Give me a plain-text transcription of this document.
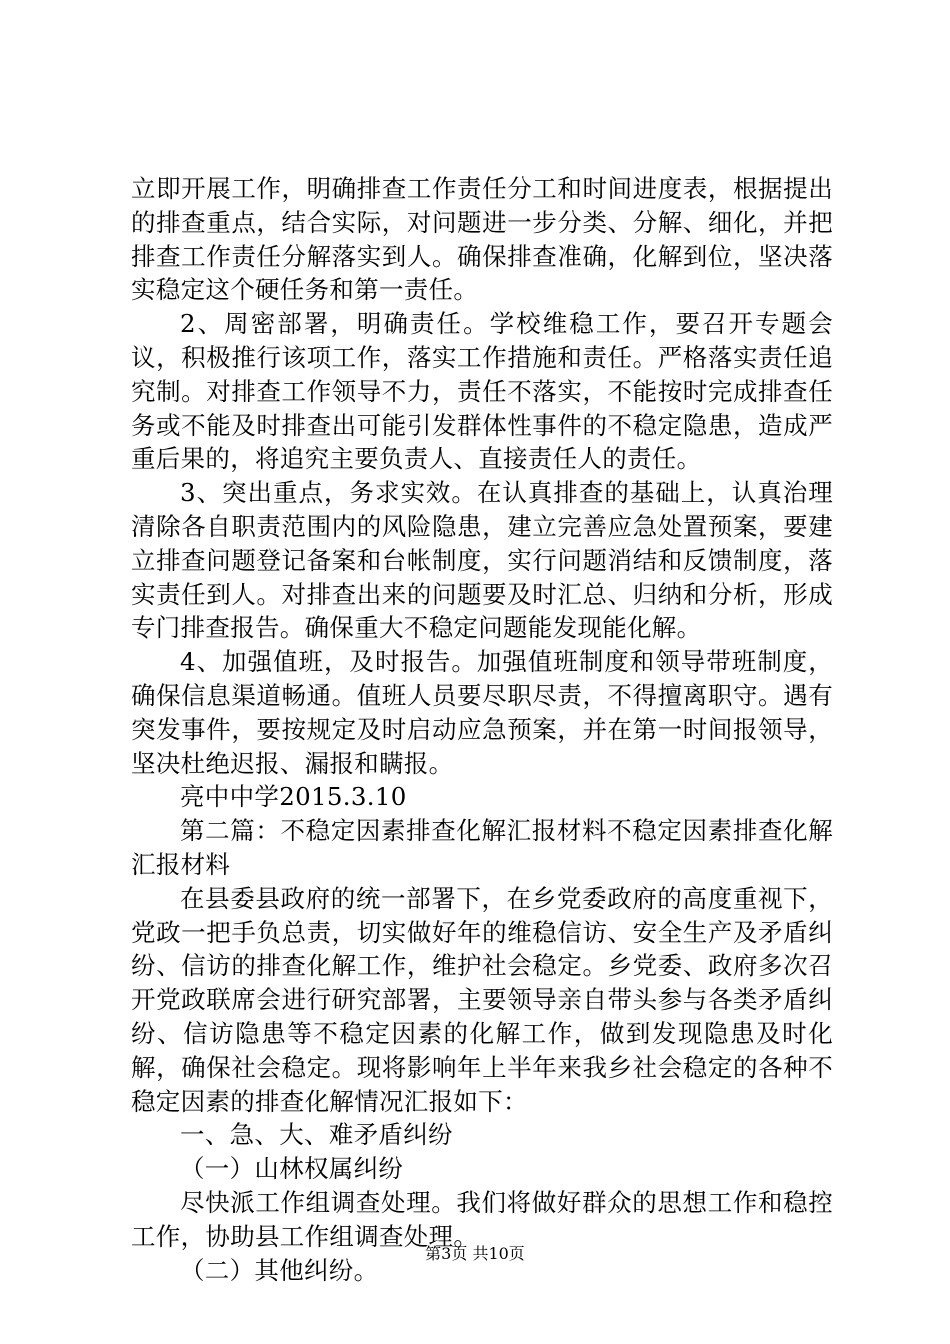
立即开展工作，明确排查工作责任分工和时间进度表，根据提出的排查重点，结合实际，对问题进一步分类、分解、细化，并把排查工作责任分解落实到人。确保排查准确，化解到位，坚决落实稳定这个硬任务和第一责任。

2、周密部署，明确责任。学校维稳工作，要召开专题会议，积极推行该项工作，落实工作措施和责任。严格落实责任追究制。对排查工作领导不力，责任不落实，不能按时完成排查任务或不能及时排查出可能引发群体性事件的不稳定隐患，造成严重后果的，将追究主要负责人、直接责任人的责任。

3、突出重点，务求实效。在认真排查的基础上，认真治理清除各自职责范围内的风险隐患，建立完善应急处置预案，要建立排查问题登记备案和台帐制度，实行问题消结和反馈制度，落实责任到人。对排查出来的问题要及时汇总、归纳和分析，形成专门排查报告。确保重大不稳定问题能发现能化解。

4、加强值班，及时报告。加强值班制度和领导带班制度，确保信息渠道畅通。值班人员要尽职尽责，不得擅离职守。遇有突发事件，要按规定及时启动应急预案，并在第一时间报领导，坚决杜绝迟报、漏报和瞒报。

亮中中学2015.3.10

第二篇：不稳定因素排查化解汇报材料不稳定因素排查化解汇报材料

在县委县政府的统一部署下，在乡党委政府的高度重视下，党政一把手负总责，切实做好年的维稳信访、安全生产及矛盾纠纷、信访的排查化解工作，维护社会稳定。乡党委、政府多次召开党政联席会进行研究部署，主要领导亲自带头参与各类矛盾纠纷、信访隐患等不稳定因素的化解工作，做到发现隐患及时化解，确保社会稳定。现将影响年上半年来我乡社会稳定的各种不稳定因素的排查化解情况汇报如下：

一、急、大、难矛盾纠纷

（一）山林权属纠纷

尽快派工作组调查处理。我们将做好群众的思想工作和稳控工作，协助县工作组调查处理。

（二）其他纠纷。

第3页 共10页
